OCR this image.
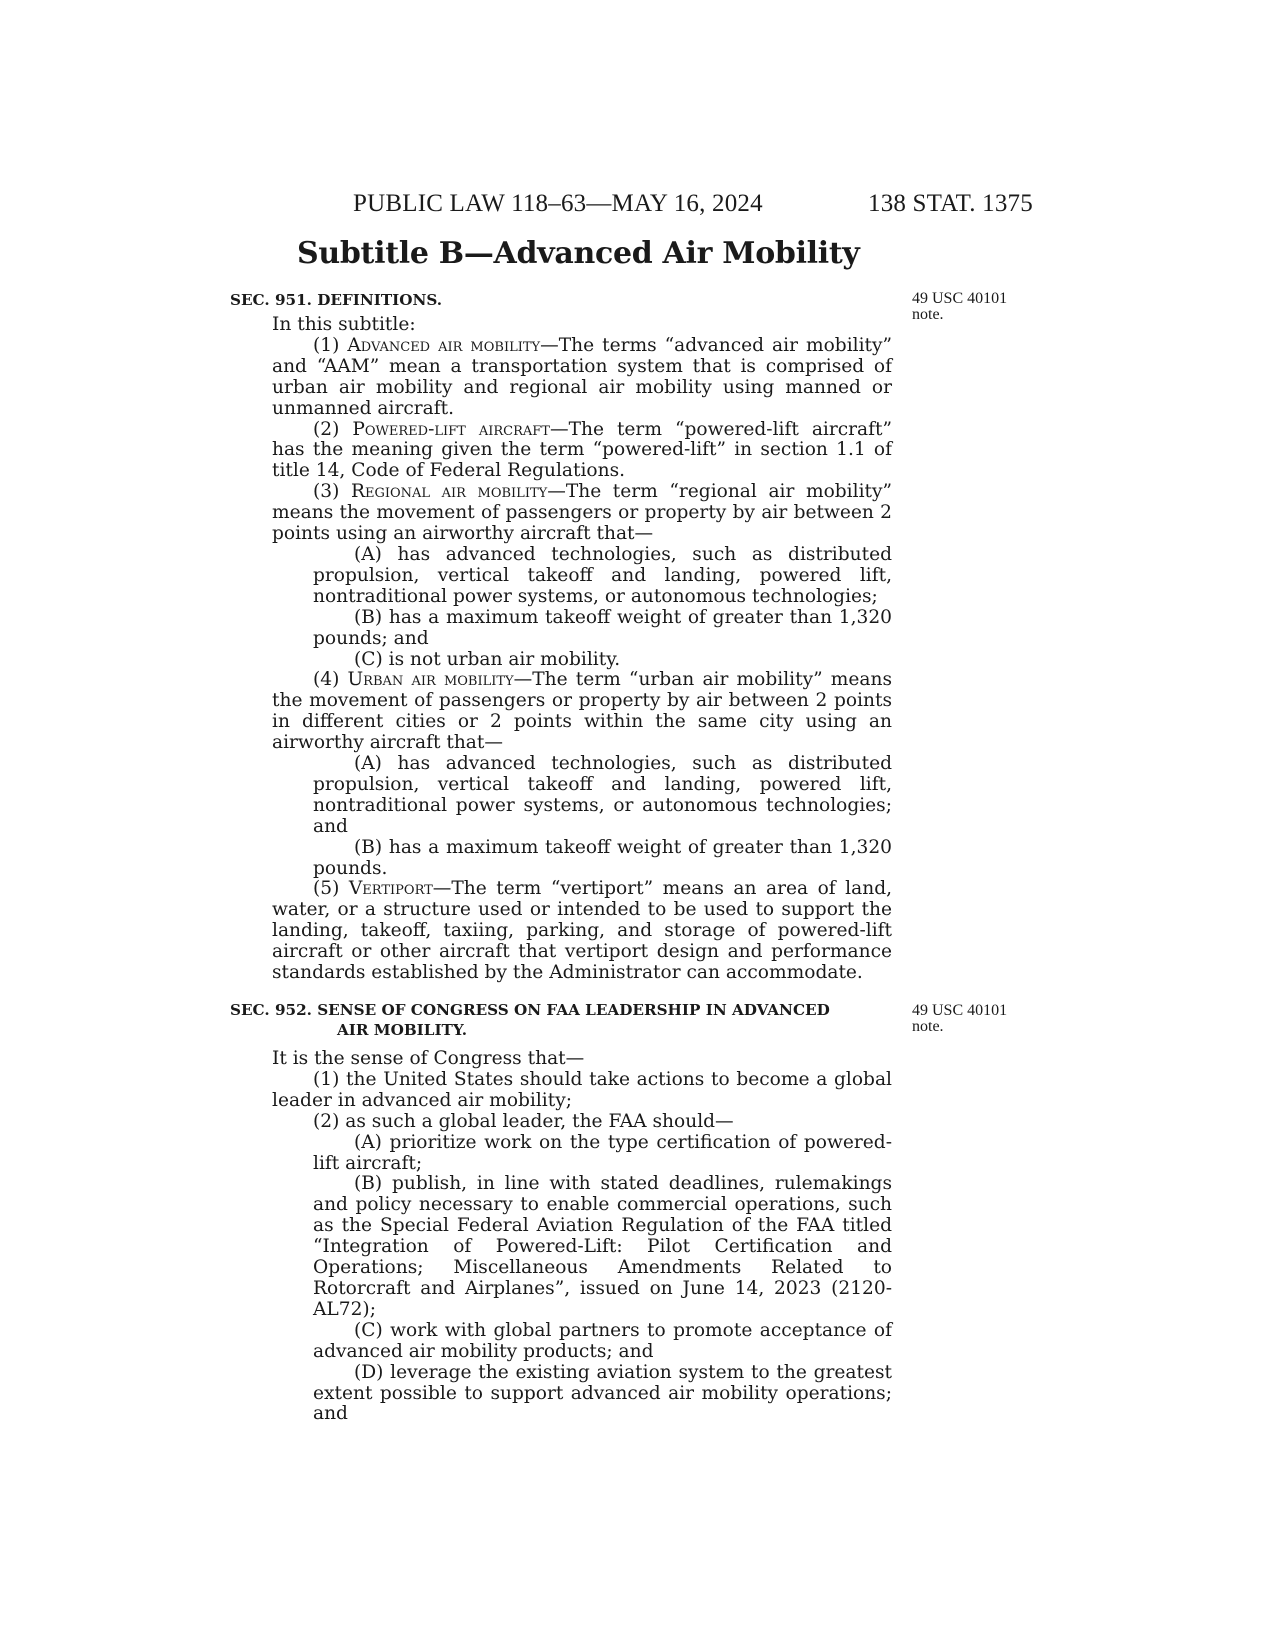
PUBLIC LAW 118–63—MAY 16, 2024	138 STAT. 1375
Subtitle B—Advanced Air Mobility
SEC. 951. DEFINITIONS.	49 USC 40101
note.

In this subtitle:

(1) Advanced air mobility—The terms “advanced air mobility” and “AAM” mean a transportation system that is comprised of urban air mobility and regional air mobility using manned or unmanned aircraft.

(2) Powered-lift aircraft—The term “powered-lift aircraft” has the meaning given the term “powered-lift” in section 1.1 of title 14, Code of Federal Regulations.

(3) Regional air mobility—The term “regional air mobility” means the movement of passengers or property by air between 2 points using an airworthy aircraft that—

(A) has advanced technologies, such as distributed propulsion, vertical takeoff and landing, powered lift, nontraditional power systems, or autonomous technologies;

(B) has a maximum takeoff weight of greater than 1,320 pounds; and

(C) is not urban air mobility.

(4) Urban air mobility—The term “urban air mobility” means the movement of passengers or property by air between 2 points in different cities or 2 points within the same city using an airworthy aircraft that—

(A) has advanced technologies, such as distributed propulsion, vertical takeoff and landing, powered lift, nontraditional power systems, or autonomous technologies; and

(B) has a maximum takeoff weight of greater than 1,320 pounds.

(5) Vertiport—The term “vertiport” means an area of land, water, or a structure used or intended to be used to support the landing, takeoff, taxiing, parking, and storage of powered-lift aircraft or other aircraft that vertiport design and performance standards established by the Administrator can accommodate.

SEC. 952. SENSE OF CONGRESS ON FAA LEADERSHIP IN ADVANCED
AIR MOBILITY.
49 USC 40101
note.

It is the sense of Congress that—

(1) the United States should take actions to become a global leader in advanced air mobility;

(2) as such a global leader, the FAA should—

(A) prioritize work on the type certification of powered-lift aircraft;

(B) publish, in line with stated deadlines, rulemakings and policy necessary to enable commercial operations, such as the Special Federal Aviation Regulation of the FAA titled “Integration of Powered-Lift: Pilot Certification and Operations; Miscellaneous Amendments Related to Rotorcraft and Airplanes”, issued on June 14, 2023 (2120-AL72);

(C) work with global partners to promote acceptance of advanced air mobility products; and

(D) leverage the existing aviation system to the greatest extent possible to support advanced air mobility operations; and
